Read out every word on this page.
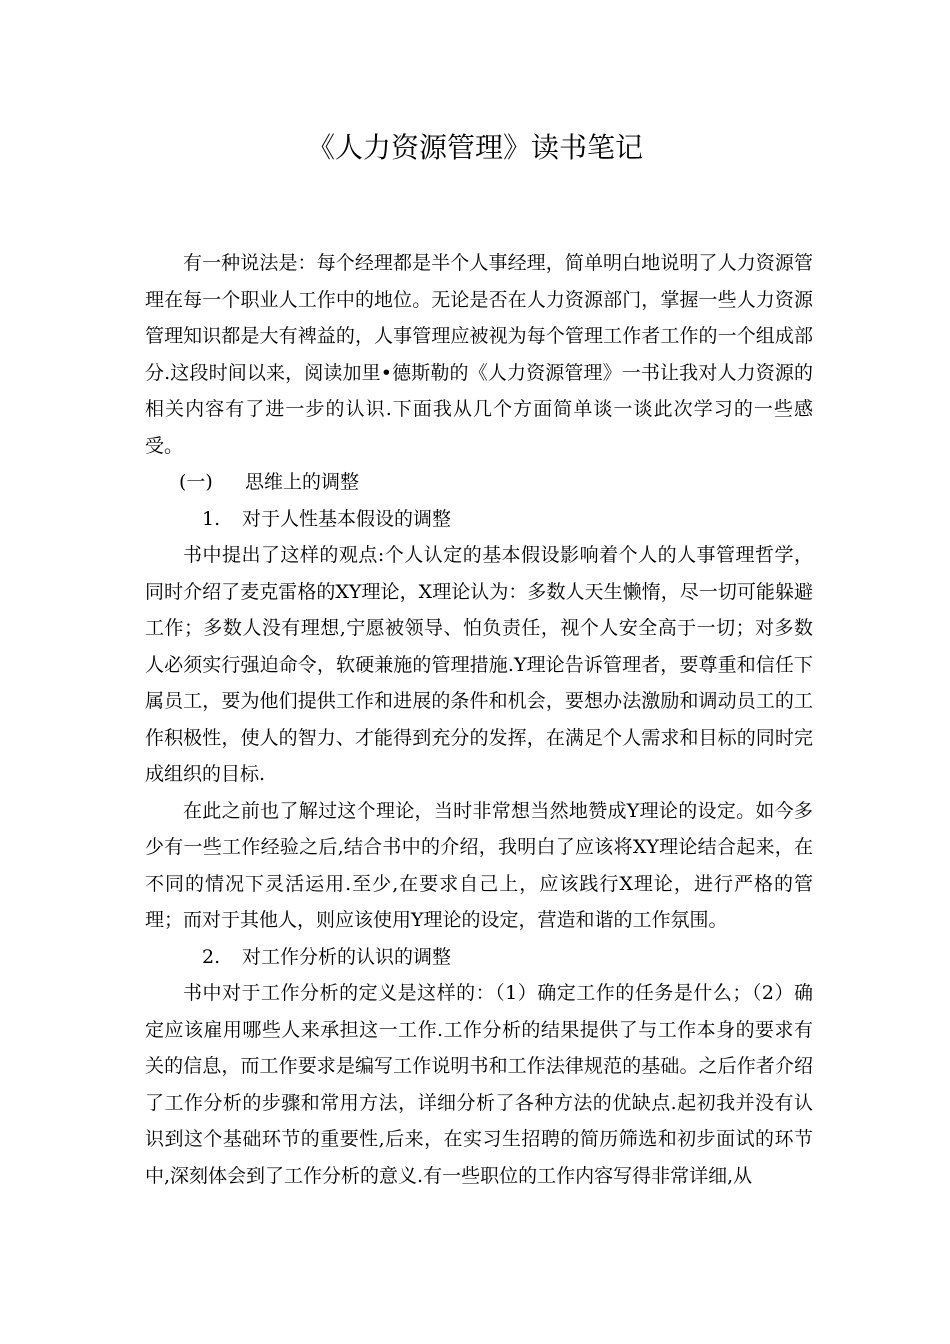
《人力资源管理》读书笔记

有一种说法是：每个经理都是半个人事经理，简单明白地说明了人力资源管理在每一个职业人工作中的地位。无论是否在人力资源部门，掌握一些人力资源管理知识都是大有裨益的，人事管理应被视为每个管理工作者工作的一个组成部分.这段时间以来，阅读加里•德斯勒的《人力资源管理》一书让我对人力资源的相关内容有了进一步的认识.下面我从几个方面简单谈一谈此次学习的一些感受。

(一) 思维上的调整

1. 对于人性基本假设的调整

书中提出了这样的观点:个人认定的基本假设影响着个人的人事管理哲学，同时介绍了麦克雷格的XY理论，X理论认为：多数人天生懒惰，尽一切可能躲避工作；多数人没有理想,宁愿被领导、怕负责任，视个人安全高于一切；对多数人必须实行强迫命令，软硬兼施的管理措施.Y理论告诉管理者，要尊重和信任下属员工，要为他们提供工作和进展的条件和机会，要想办法激励和调动员工的工作积极性，使人的智力、才能得到充分的发挥，在满足个人需求和目标的同时完成组织的目标.

在此之前也了解过这个理论，当时非常想当然地赞成Y理论的设定。如今多少有一些工作经验之后,结合书中的介绍，我明白了应该将XY理论结合起来，在不同的情况下灵活运用.至少,在要求自己上，应该践行X理论，进行严格的管理；而对于其他人，则应该使用Y理论的设定，营造和谐的工作氛围。

2. 对工作分析的认识的调整

书中对于工作分析的定义是这样的：（1）确定工作的任务是什么；（2）确定应该雇用哪些人来承担这一工作.工作分析的结果提供了与工作本身的要求有关的信息，而工作要求是编写工作说明书和工作法律规范的基础。之后作者介绍了工作分析的步骤和常用方法，详细分析了各种方法的优缺点.起初我并没有认识到这个基础环节的重要性,后来，在实习生招聘的简历筛选和初步面试的环节中,深刻体会到了工作分析的意义.有一些职位的工作内容写得非常详细,从
